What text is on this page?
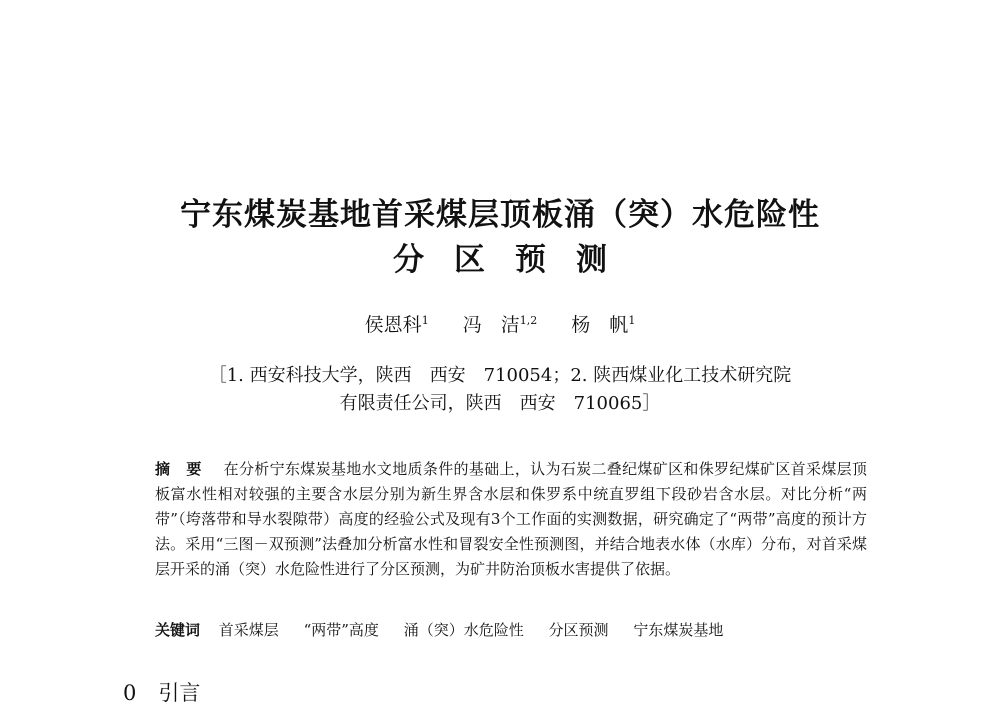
宁东煤炭基地首采煤层顶板涌（突）水危险性
分区预测
侯恩科$^1$ 冯　洁$^{1,2}$ 杨　帆$^1$
［1. 西安科技大学，陕西　西安　710054；2. 陕西煤业化工技术研究院
有限责任公司，陕西　西安　710065］

摘要 在分析宁东煤炭基地水文地质条件的基础上，认为石炭二叠纪煤矿区和侏罗纪煤矿区首采煤层顶板富水性相对较强的主要含水层分别为新生界含水层和侏罗系中统直罗组下段砂岩含水层。对比分析“两带”（垮落带和导水裂隙带）高度的经验公式及现有3个工作面的实测数据，研究确定了“两带”高度的预计方法。采用“三图－双预测”法叠加分析富水性和冒裂安全性预测图，并结合地表水体（水库）分布，对首采煤层开采的涌（突）水危险性进行了分区预测，为矿井防治顶板水害提供了依据。

关键词 首采煤层 “两带”高度 涌（突）水危险性 分区预测 宁东煤炭基地

0 引言
